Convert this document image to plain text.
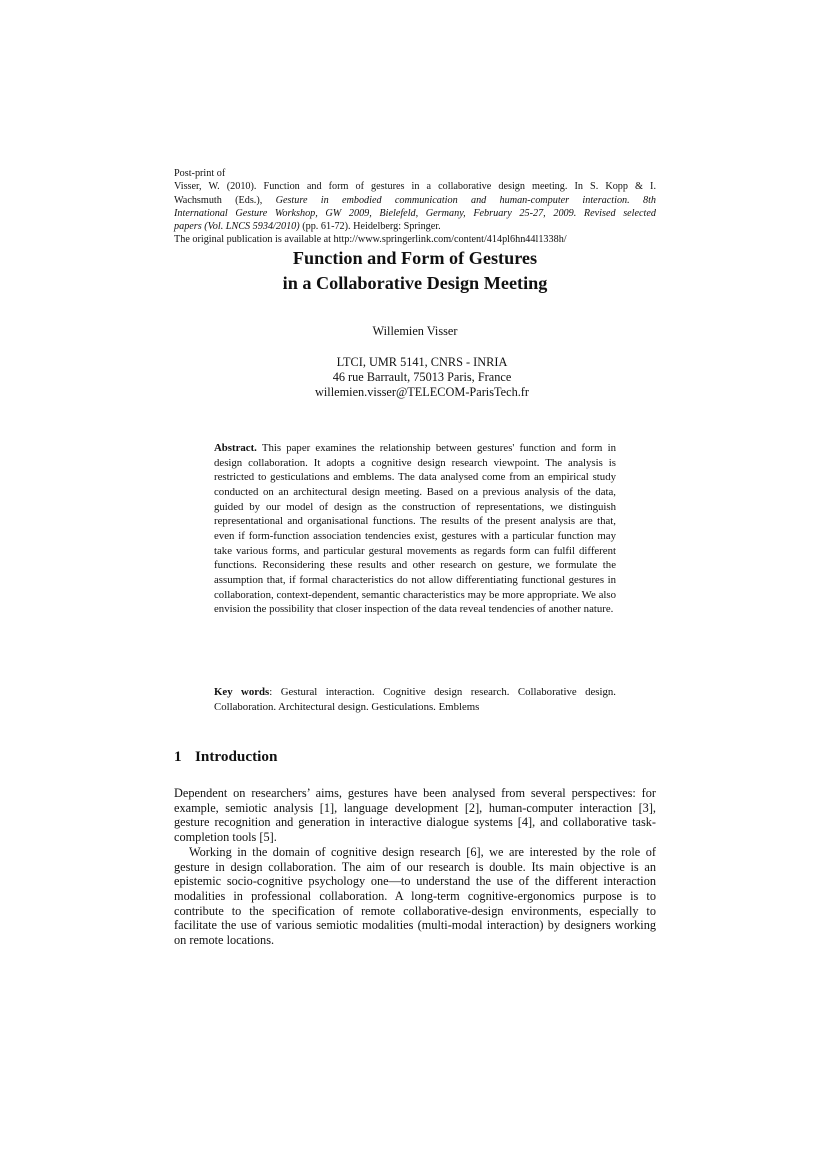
Post-print of
Visser, W. (2010). Function and form of gestures in a collaborative design meeting. In S. Kopp & I.
Wachsmuth (Eds.), Gesture in embodied communication and human-computer interaction. 8th
International Gesture Workshop, GW 2009, Bielefeld, Germany, February 25-27, 2009. Revised selected
papers (Vol. LNCS 5934/2010) (pp. 61-72). Heidelberg: Springer.
The original publication is available at http://www.springerlink.com/content/414pl6hn44l1338h/
Function and Form of Gestures
in a Collaborative Design Meeting
Willemien Visser
LTCI, UMR 5141, CNRS - INRIA
46 rue Barrault, 75013 Paris, France
willemien.visser@TELECOM-ParisTech.fr
Abstract. This paper examines the relationship between gestures' function and form in design collaboration. It adopts a cognitive design research viewpoint. The analysis is restricted to gesticulations and emblems. The data analysed come from an empirical study conducted on an architectural design meeting. Based on a previous analysis of the data, guided by our model of design as the construction of representations, we distinguish representational and organisational functions. The results of the present analysis are that, even if form-function association tendencies exist, gestures with a particular function may take various forms, and particular gestural movements as regards form can fulfil different functions. Reconsidering these results and other research on gesture, we formulate the assumption that, if formal characteristics do not allow differentiating functional gestures in collaboration, context-dependent, semantic characteristics may be more appropriate. We also envision the possibility that closer inspection of the data reveal tendencies of another nature.
Key words: Gestural interaction. Cognitive design research. Collaborative design. Collaboration. Architectural design. Gesticulations. Emblems
1 Introduction

Dependent on researchers’ aims, gestures have been analysed from several perspectives: for example, semiotic analysis [1], language development [2], human-computer interaction [3], gesture recognition and generation in interactive dialogue systems [4], and collaborative task-completion tools [5].

Working in the domain of cognitive design research [6], we are interested by the role of gesture in design collaboration. The aim of our research is double. Its main objective is an epistemic socio-cognitive psychology one—to understand the use of the different interaction modalities in professional collaboration. A long-term cognitive-ergonomics purpose is to contribute to the specification of remote collaborative-design environments, especially to facilitate the use of various semiotic modalities (multi-modal interaction) by designers working on remote locations.
